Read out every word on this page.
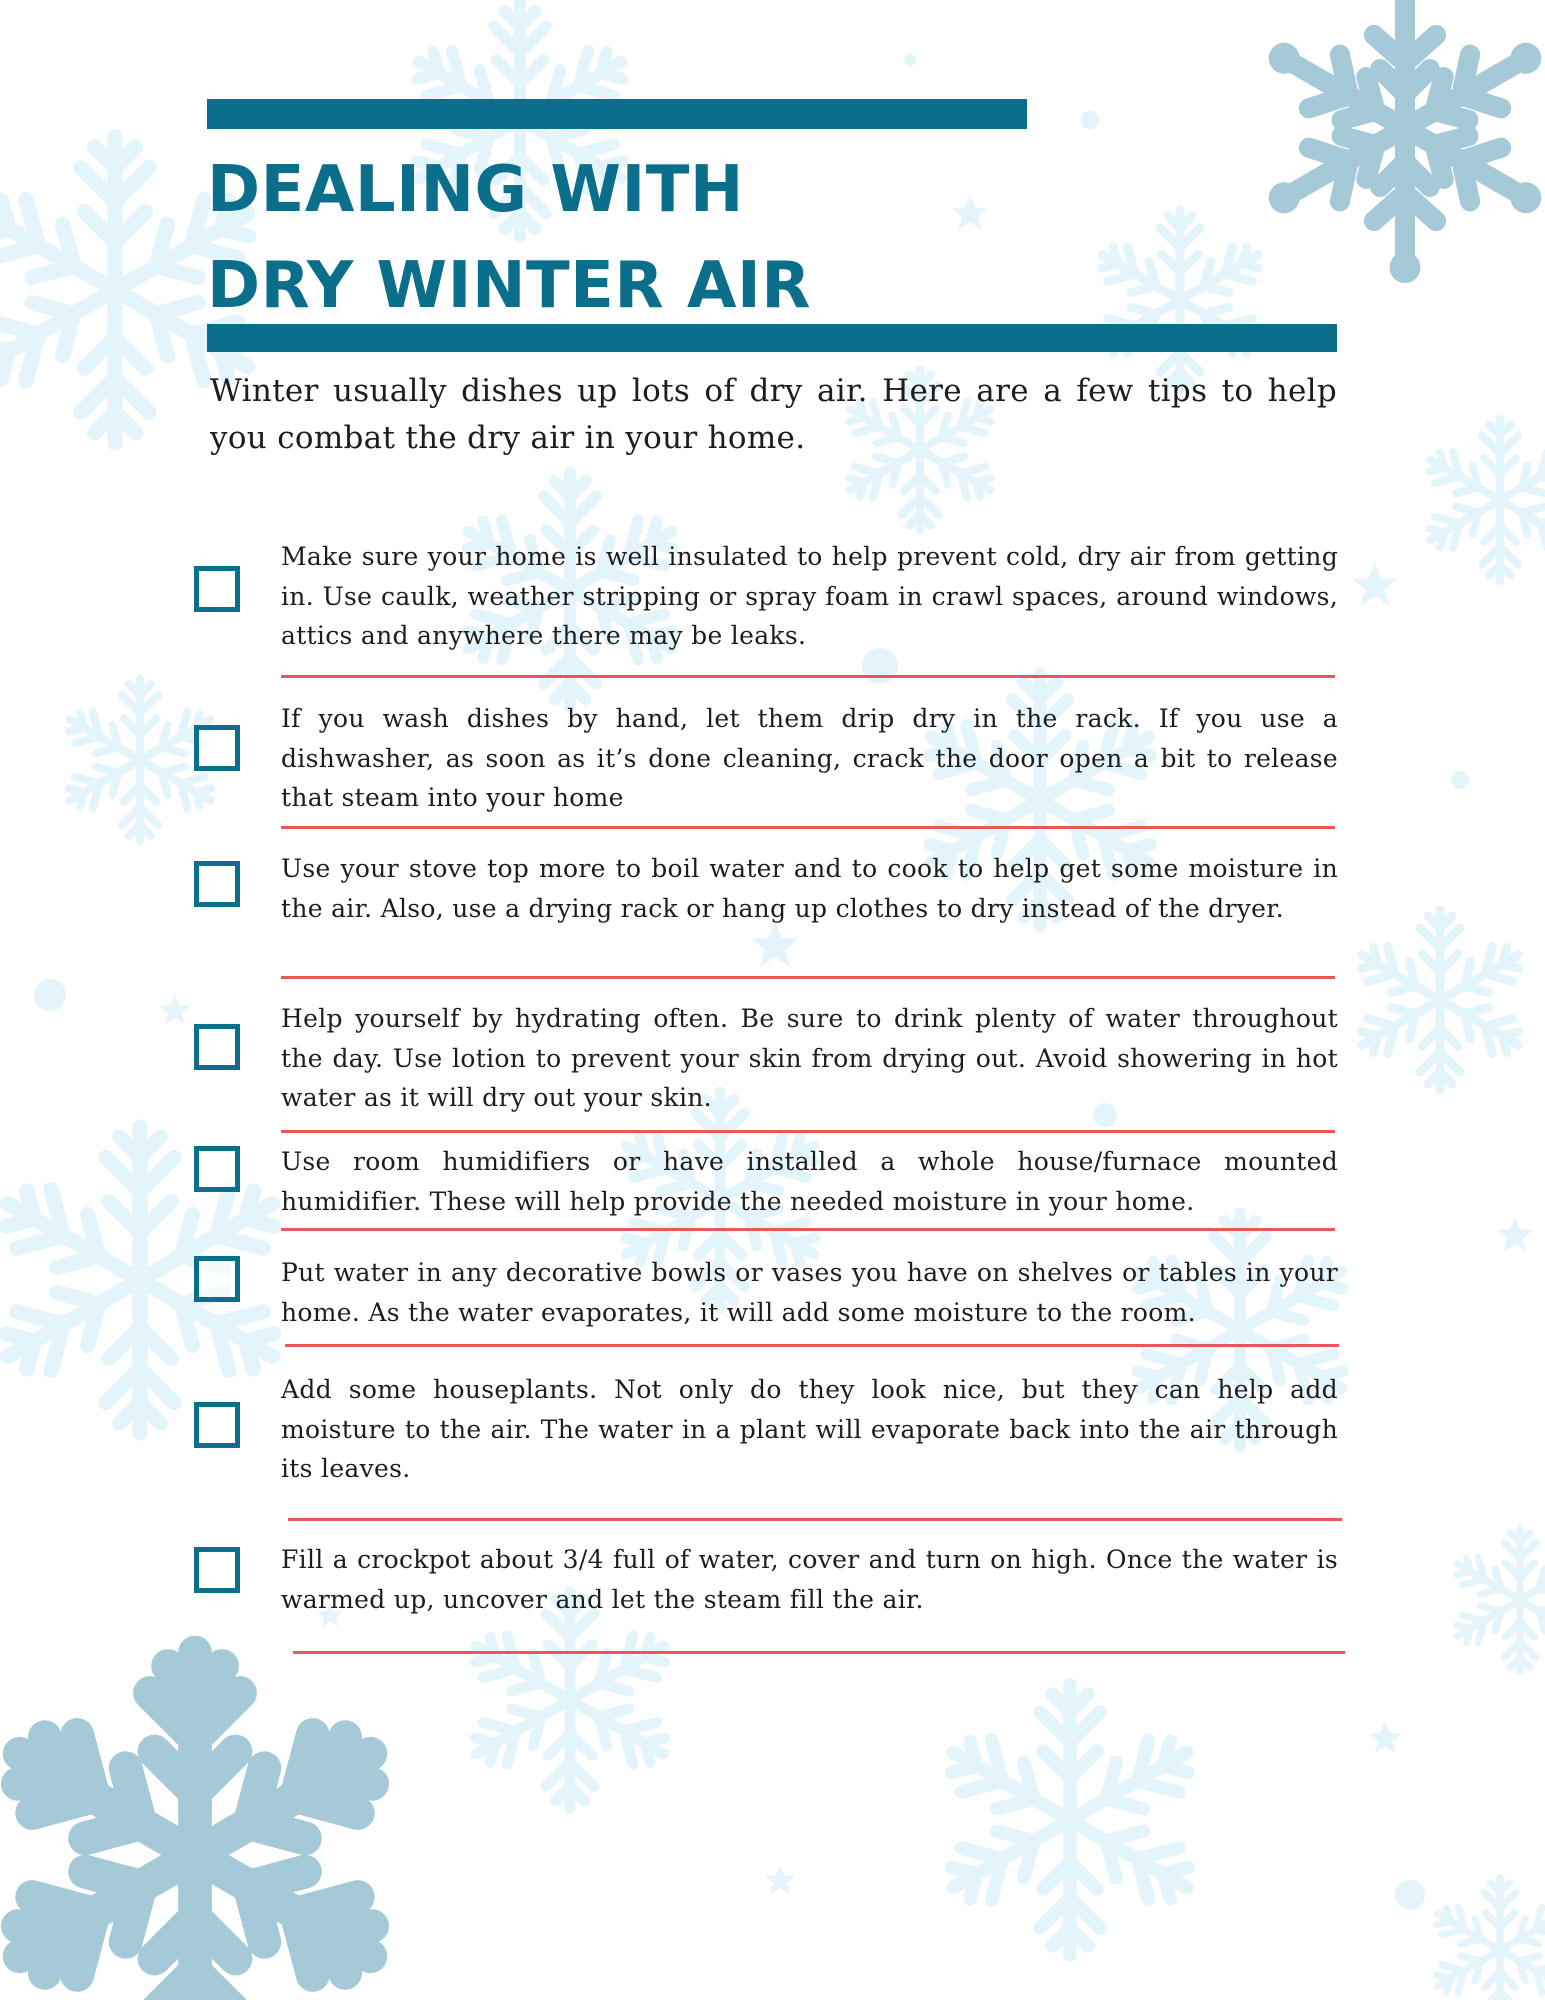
DEALING WITH
DRY WINTER AIR

Winter usually dishes up lots of dry air. Here are a few tips to help you combat the dry air in your home.

Make sure your home is well insulated to help prevent cold, dry air from getting in. Use caulk, weather stripping or spray foam in crawl spaces, around windows, attics and anywhere there may be leaks.

If you wash dishes by hand, let them drip dry in the rack. If you use a dishwasher, as soon as it’s done cleaning, crack the door open a bit to release that steam into your home

Use your stove top more to boil water and to cook to help get some moisture in the air. Also, use a drying rack or hang up clothes to dry instead of the dryer.

Help yourself by hydrating often. Be sure to drink plenty of water throughout the day. Use lotion to prevent your skin from drying out. Avoid showering in hot water as it will dry out your skin.

Use room humidifiers or have installed a whole house/furnace mounted humidifier. These will help provide the needed moisture in your home.

Put water in any decorative bowls or vases you have on shelves or tables in your home. As the water evaporates, it will add some moisture to the room.

Add some houseplants. Not only do they look nice, but they can help add moisture to the air. The water in a plant will evaporate back into the air through its leaves.

Fill a crockpot about 3/4 full of water, cover and turn on high. Once the water is warmed up, uncover and let the steam fill the air.
